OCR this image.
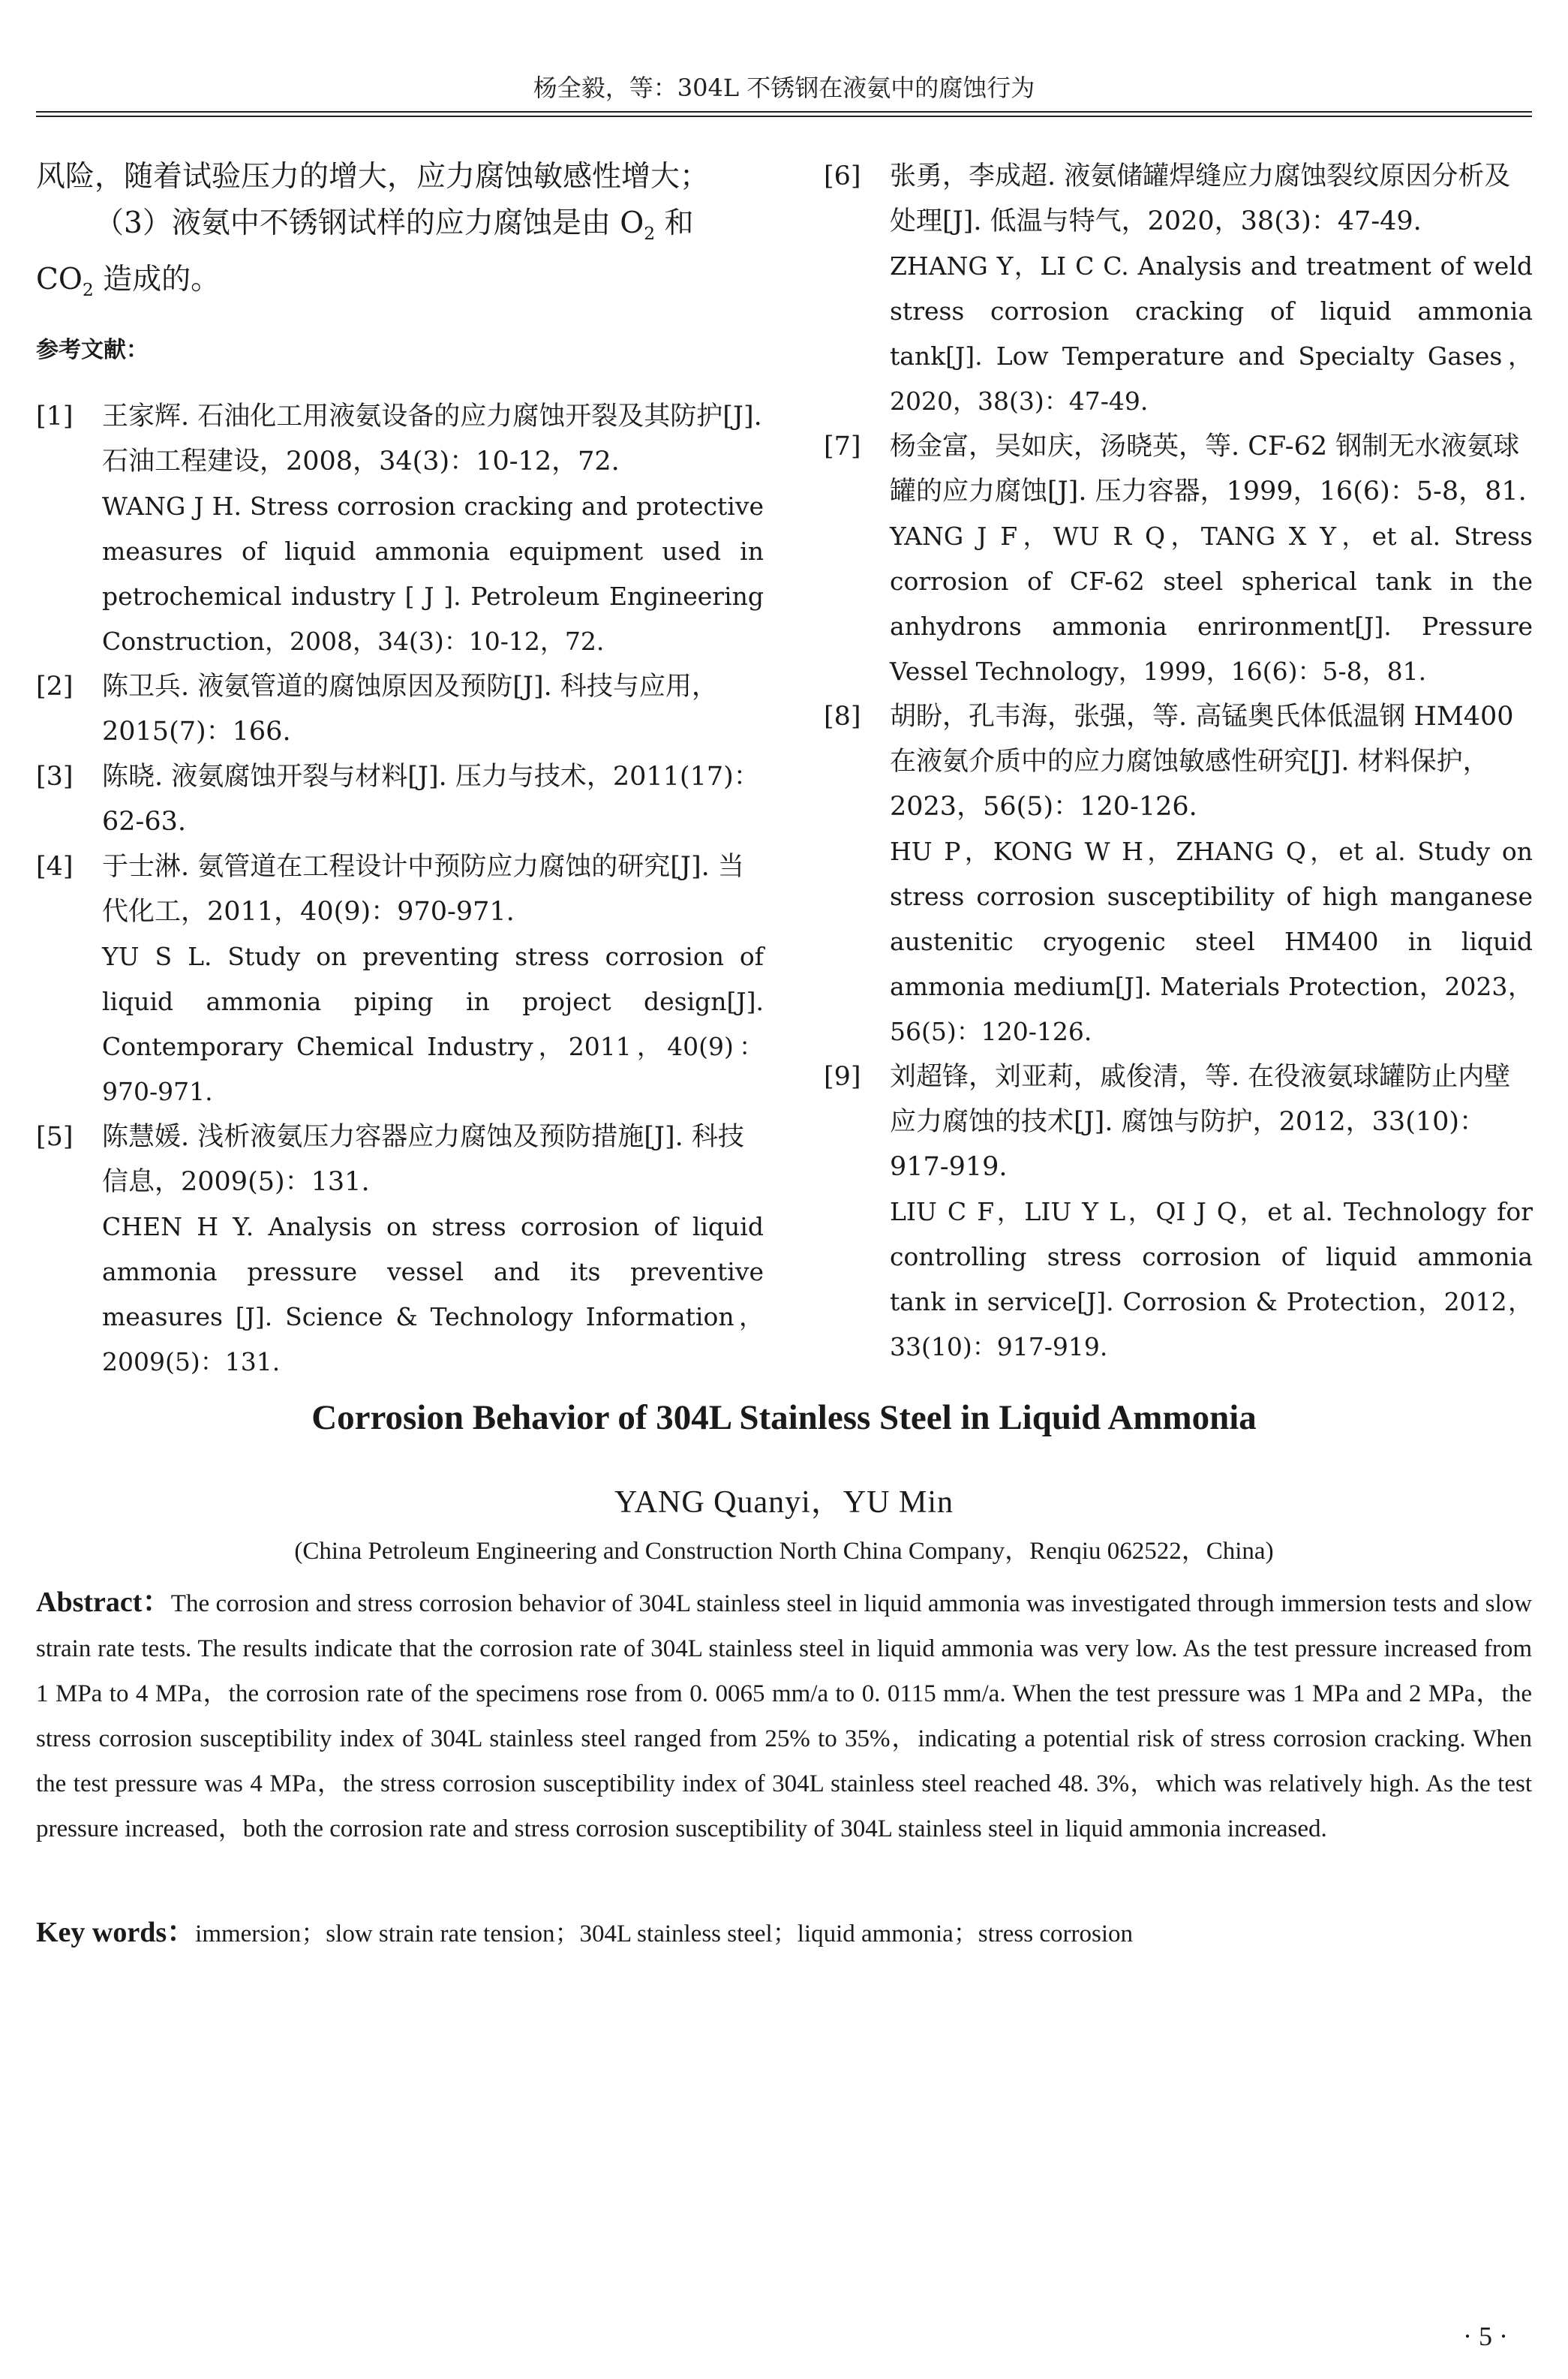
杨全毅，等：304L 不锈钢在液氨中的腐蚀行为

风险，随着试验压力的增大，应力腐蚀敏感性增大；

（3）液氨中不锈钢试样的应力腐蚀是由 $O_2$ 和

$CO_2$ 造成的。

参考文献：
[1] 王家辉. 石油化工用液氨设备的应力腐蚀开裂及其防护[J]. 石油工程建设，2008，34(3)：10-12，72.

WANG J H. Stress corrosion cracking and protective measures of liquid ammonia equipment used in petrochemical industry [ J ]. Petroleum Engineering Construction，2008，34(3)：10-12，72.

[2] 陈卫兵. 液氨管道的腐蚀原因及预防[J]. 科技与应用，2015(7)：166.

[3] 陈晓. 液氨腐蚀开裂与材料[J]. 压力与技术，2011(17)：62-63.

[4] 于士淋. 氨管道在工程设计中预防应力腐蚀的研究[J]. 当代化工，2011，40(9)：970-971.

YU S L. Study on preventing stress corrosion of liquid ammonia piping in project design[J]. Contemporary Chemical Industry，2011，40(9)：970-971.

[5] 陈慧媛. 浅析液氨压力容器应力腐蚀及预防措施[J]. 科技信息，2009(5)：131.

CHEN H Y. Analysis on stress corrosion of liquid ammonia pressure vessel and its preventive measures [J]. Science & Technology Information，2009(5)：131.

[6] 张勇，李成超. 液氨储罐焊缝应力腐蚀裂纹原因分析及处理[J]. 低温与特气，2020，38(3)：47-49.

ZHANG Y，LI C C. Analysis and treatment of weld stress corrosion cracking of liquid ammonia tank[J]. Low Temperature and Specialty Gases，2020，38(3)：47-49.

[7] 杨金富，吴如庆，汤晓英，等. CF-62 钢制无水液氨球罐的应力腐蚀[J]. 压力容器，1999，16(6)：5-8，81.

YANG J F，WU R Q，TANG X Y，et al. Stress corrosion of CF-62 steel spherical tank in the anhydrons ammonia enrironment[J]. Pressure Vessel Technology，1999，16(6)：5-8，81.

[8] 胡盼，孔韦海，张强，等. 高锰奥氏体低温钢 HM400 在液氨介质中的应力腐蚀敏感性研究[J]. 材料保护，2023，56(5)：120-126.

HU P，KONG W H，ZHANG Q，et al. Study on stress corrosion susceptibility of high manganese austenitic cryogenic steel HM400 in liquid ammonia medium[J]. Materials Protection，2023，56(5)：120-126.

[9] 刘超锋，刘亚莉，戚俊清，等. 在役液氨球罐防止内壁应力腐蚀的技术[J]. 腐蚀与防护，2012，33(10)：917-919.

LIU C F，LIU Y L，QI J Q，et al. Technology for controlling stress corrosion of liquid ammonia tank in service[J]. Corrosion & Protection，2012，33(10)：917-919.

Corrosion Behavior of 304L Stainless Steel in Liquid Ammonia
YANG Quanyi，YU Min
(China Petroleum Engineering and Construction North China Company，Renqiu 062522，China)

Abstract：The corrosion and stress corrosion behavior of 304L stainless steel in liquid ammonia was investigated through immersion tests and slow strain rate tests. The results indicate that the corrosion rate of 304L stainless steel in liquid ammonia was very low. As the test pressure increased from 1 MPa to 4 MPa，the corrosion rate of the specimens rose from 0. 0065 mm/a to 0. 0115 mm/a. When the test pressure was 1 MPa and 2 MPa，the stress corrosion susceptibility index of 304L stainless steel ranged from 25% to 35%，indicating a potential risk of stress corrosion cracking. When the test pressure was 4 MPa，the stress corrosion susceptibility index of 304L stainless steel reached 48. 3%，which was relatively high. As the test pressure increased，both the corrosion rate and stress corrosion susceptibility of 304L stainless steel in liquid ammonia increased.

Key words：immersion；slow strain rate tension；304L stainless steel；liquid ammonia；stress corrosion

· 5 ·
